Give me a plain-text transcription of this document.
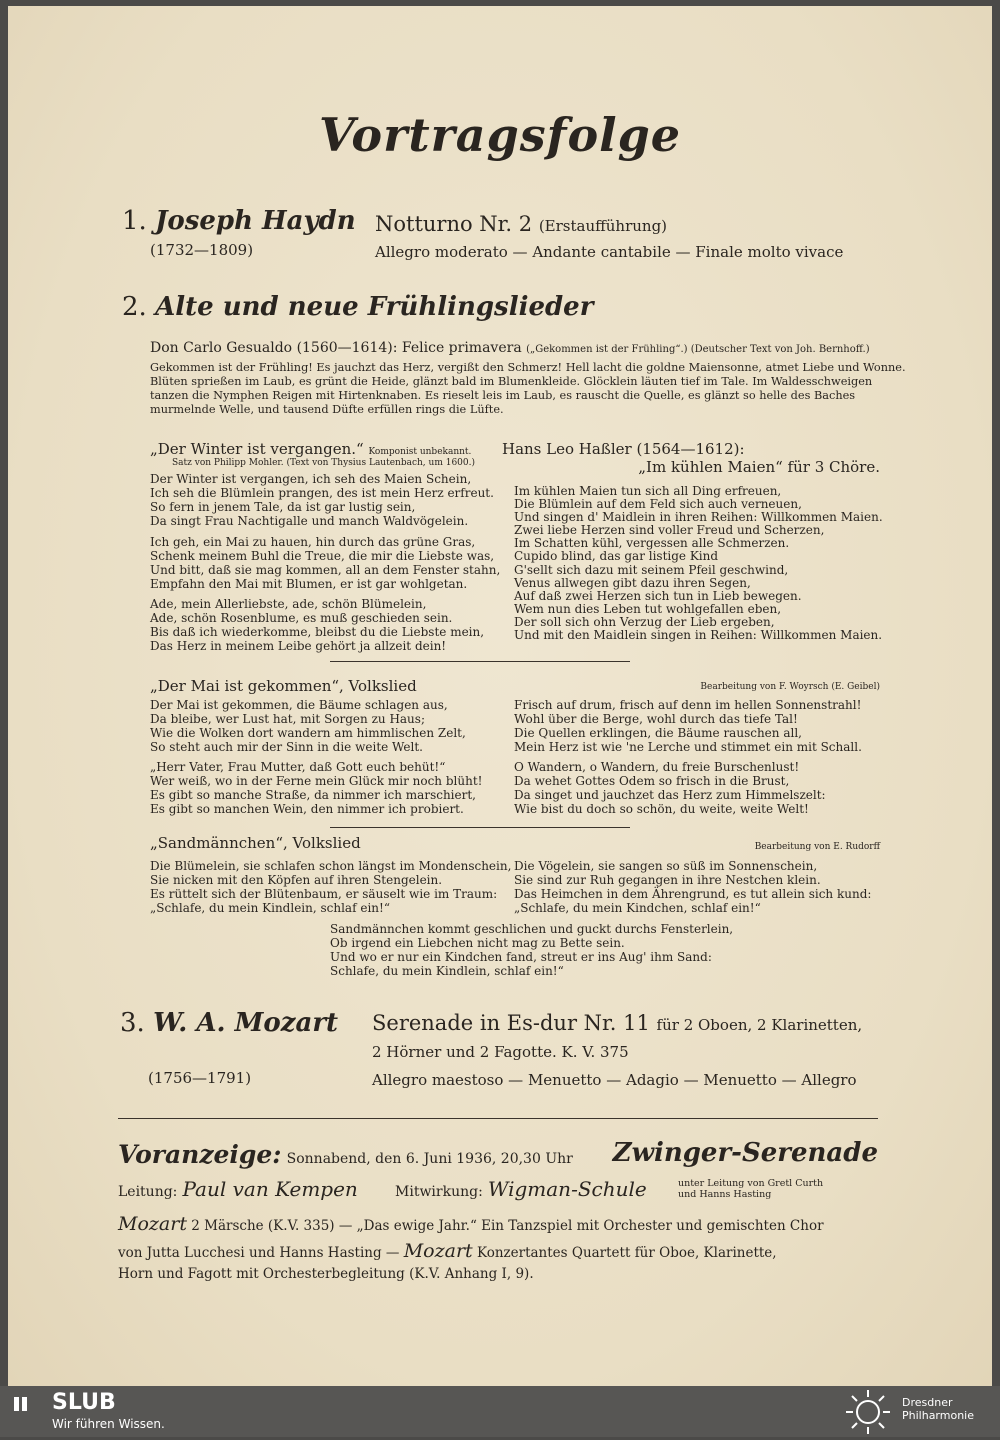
Vortragsfolge
1. Joseph Haydn
(1732—1809)
Notturno Nr. 2 (Erstaufführung)
Allegro moderato — Andante cantabile — Finale molto vivace
2. Alte und neue Frühlingslieder
Don Carlo Gesualdo (1560—1614): Felice primavera („Gekommen ist der Frühling“.) (Deutscher Text von Joh. Bernhoff.)
Gekommen ist der Frühling! Es jauchzt das Herz, vergißt den Schmerz! Hell lacht die goldne Maiensonne, atmet Liebe und Wonne.
Blüten sprießen im Laub, es grünt die Heide, glänzt bald im Blumenkleide. Glöcklein läuten tief im Tale. Im Waldesschweigen
tanzen die Nymphen Reigen mit Hirtenknaben. Es rieselt leis im Laub, es rauscht die Quelle, es glänzt so helle des Baches
murmelnde Welle, und tausend Düfte erfüllen rings die Lüfte.
„Der Winter ist vergangen.“ Komponist unbekannt.
Satz von Philipp Mohler. (Text von Thysius Lautenbach, um 1600.)
Der Winter ist vergangen, ich seh des Maien Schein,
Ich seh die Blümlein prangen, des ist mein Herz erfreut.
So fern in jenem Tale, da ist gar lustig sein,
Da singt Frau Nachtigalle und manch Waldvögelein.
Ich geh, ein Mai zu hauen, hin durch das grüne Gras,
Schenk meinem Buhl die Treue, die mir die Liebste was,
Und bitt, daß sie mag kommen, all an dem Fenster stahn,
Empfahn den Mai mit Blumen, er ist gar wohlgetan.
Ade, mein Allerliebste, ade, schön Blümelein,
Ade, schön Rosenblume, es muß geschieden sein.
Bis daß ich wiederkomme, bleibst du die Liebste mein,
Das Herz in meinem Leibe gehört ja allzeit dein!
Hans Leo Haßler (1564—1612):
„Im kühlen Maien“ für 3 Chöre.
Im kühlen Maien tun sich all Ding erfreuen,
Die Blümlein auf dem Feld sich auch verneuen,
Und singen d' Maidlein in ihren Reihen: Willkommen Maien.
Zwei liebe Herzen sind voller Freud und Scherzen,
Im Schatten kühl, vergessen alle Schmerzen.
Cupido blind, das gar listige Kind
G'sellt sich dazu mit seinem Pfeil geschwind,
Venus allwegen gibt dazu ihren Segen,
Auf daß zwei Herzen sich tun in Lieb bewegen.
Wem nun dies Leben tut wohlgefallen eben,
Der soll sich ohn Verzug der Lieb ergeben,
Und mit den Maidlein singen in Reihen: Willkommen Maien.
„Der Mai ist gekommen“, Volkslied	Bearbeitung von F. Woyrsch (E. Geibel)
Der Mai ist gekommen, die Bäume schlagen aus,
Da bleibe, wer Lust hat, mit Sorgen zu Haus;
Wie die Wolken dort wandern am himmlischen Zelt,
So steht auch mir der Sinn in die weite Welt.
„Herr Vater, Frau Mutter, daß Gott euch behüt!“
Wer weiß, wo in der Ferne mein Glück mir noch blüht!
Es gibt so manche Straße, da nimmer ich marschiert,
Es gibt so manchen Wein, den nimmer ich probiert.
Frisch auf drum, frisch auf denn im hellen Sonnenstrahl!
Wohl über die Berge, wohl durch das tiefe Tal!
Die Quellen erklingen, die Bäume rauschen all,
Mein Herz ist wie 'ne Lerche und stimmet ein mit Schall.
O Wandern, o Wandern, du freie Burschenlust!
Da wehet Gottes Odem so frisch in die Brust,
Da singet und jauchzet das Herz zum Himmelszelt:
Wie bist du doch so schön, du weite, weite Welt!
„Sandmännchen“, Volkslied	Bearbeitung von E. Rudorff
Die Blümelein, sie schlafen schon längst im Mondenschein,
Sie nicken mit den Köpfen auf ihren Stengelein.
Es rüttelt sich der Blütenbaum, er säuselt wie im Traum:
„Schlafe, du mein Kindlein, schlaf ein!“
Die Vögelein, sie sangen so süß im Sonnenschein,
Sie sind zur Ruh gegangen in ihre Nestchen klein.
Das Heimchen in dem Ährengrund, es tut allein sich kund:
„Schlafe, du mein Kindchen, schlaf ein!“
Sandmännchen kommt geschlichen und guckt durchs Fensterlein,
Ob irgend ein Liebchen nicht mag zu Bette sein.
Und wo er nur ein Kindchen fand, streut er ins Aug' ihm Sand:
Schlafe, du mein Kindlein, schlaf ein!“
3. W. A. Mozart Serenade in Es-dur Nr. 11 für 2 Oboen, 2 Klarinetten,
2 Hörner und 2 Fagotte. K. V. 375
(1756—1791)	Allegro maestoso — Menuetto — Adagio — Menuetto — Allegro
Voranzeige: Sonnabend, den 6. Juni 1936, 20,30 Uhr Zwinger-Serenade
Leitung: Paul van Kempen	Mitwirkung: Wigman-Schule	unter Leitung von Gretl Curth
und Hanns Hasting
Mozart 2 Märsche (K.V. 335) — „Das ewige Jahr.“ Ein Tanzspiel mit Orchester und gemischten Chor
von Jutta Lucchesi und Hanns Hasting — Mozart Konzertantes Quartett für Oboe, Klarinette,
Horn und Fagott mit Orchesterbegleitung (K.V. Anhang I, 9).
SLUB
Wir führen Wissen.
Dresdner
Philharmonie
